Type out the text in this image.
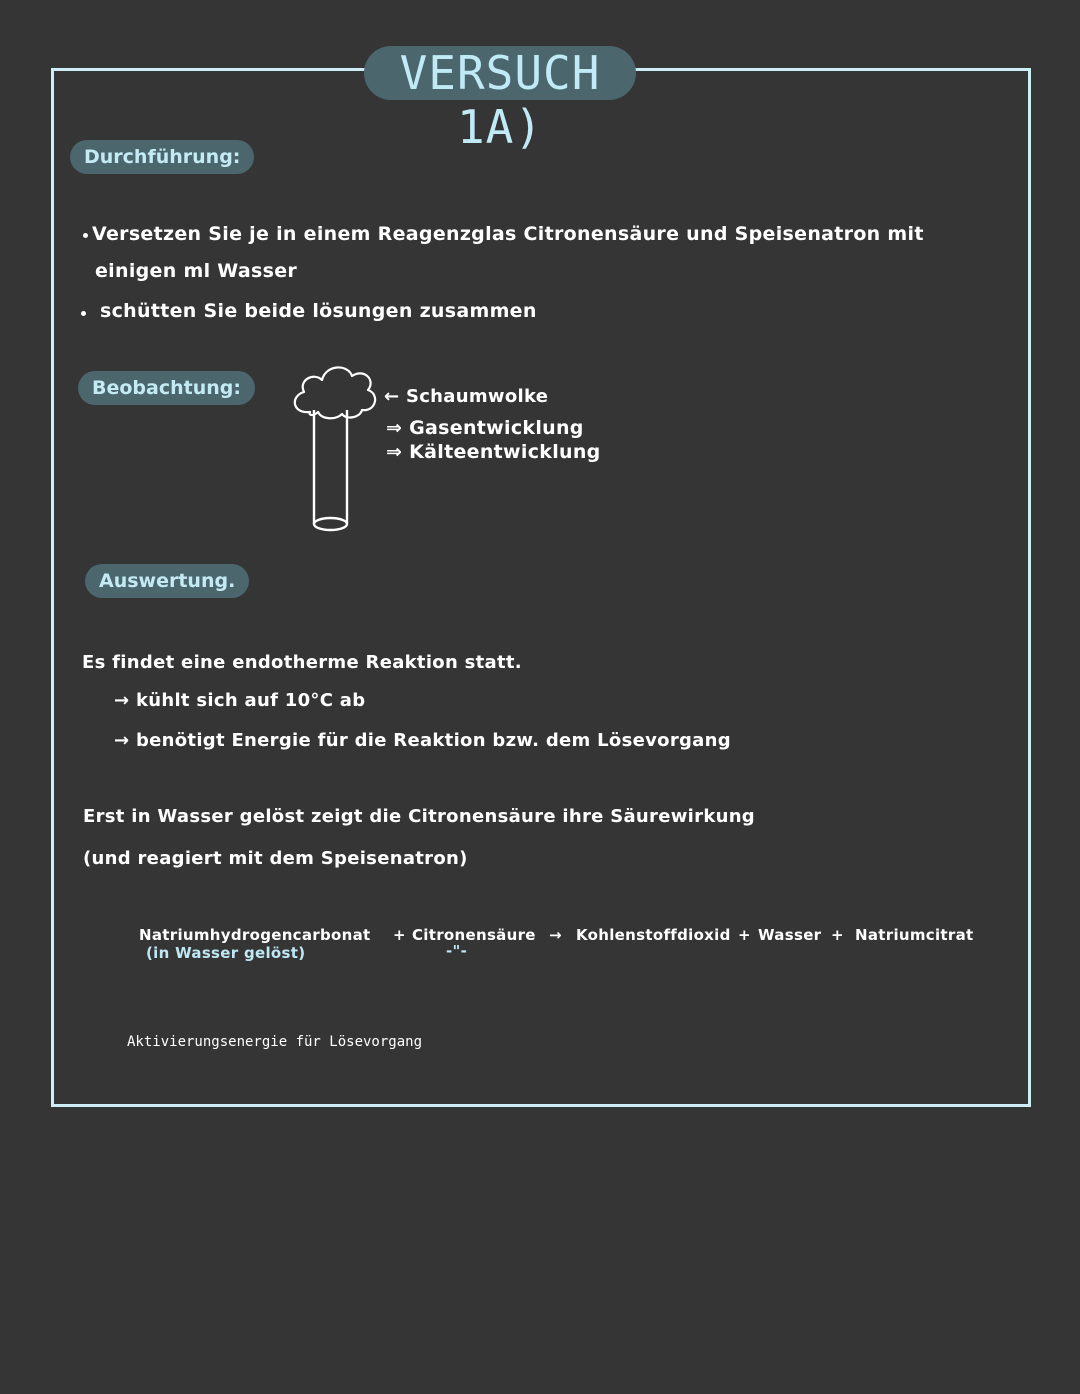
VERSUCH 1A)
Durchführung:
Versetzen Sie je in einem Reagenzglas Citronensäure und Speisenatron mit
einigen ml Wasser
schütten Sie beide lösungen zusammen
Beobachtung:	← Schaumwolke
⇒ Gasentwicklung
⇒ Kälteentwicklung
Auswertung.
Es findet eine endotherme Reaktion statt.
→ kühlt sich auf 10°C ab
→ benötigt Energie für die Reaktion bzw. dem Lösevorgang
Erst in Wasser gelöst zeigt die Citronensäure ihre Säurewirkung
(und reagiert mit dem Speisenatron)
Natriumhydrogencarbonat
(in Wasser gelöst)
+ Citronensäure
-"-
→ Kohlenstoffdioxid + Wasser + Natriumcitrat
Aktivierungsenergie für Lösevorgang
